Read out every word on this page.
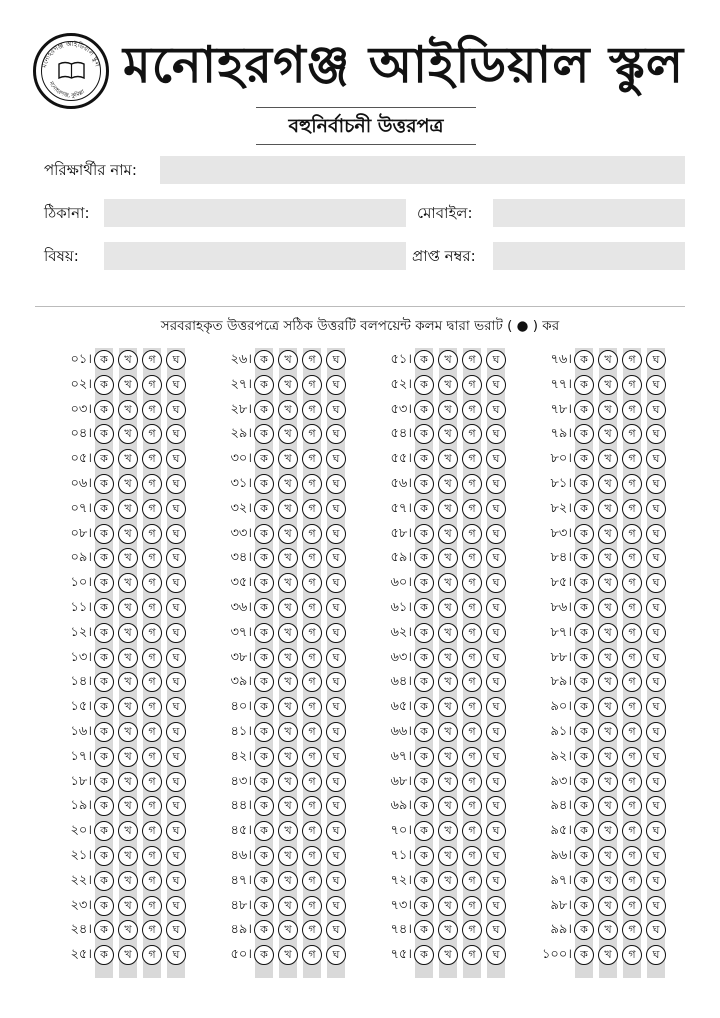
মনোহরগঞ্জ আইডিয়াল স্কুল
মনোহরগঞ্জ, কুমিল্লা মনোহরগঞ্জ আইডিয়াল স্কুল
বহুনির্বাচনী উত্তরপত্র
পরিক্ষার্থীর নাম:
ঠিকানা:	মোবাইল:
বিষয়:	প্রাপ্ত নম্বর:
সরবরাহকৃত উত্তরপত্রে সঠিক উত্তরটি বলপয়েন্ট কলম দ্বারা ভরাট ( ● ) কর
০১। ক	খ	গ	ঘ
০২। ক	খ	গ	ঘ
০৩। ক	খ	গ	ঘ
০৪। ক	খ	গ	ঘ
০৫। ক	খ	গ	ঘ
০৬। ক	খ	গ	ঘ
০৭। ক	খ	গ	ঘ
০৮। ক	খ	গ	ঘ
০৯। ক	খ	গ	ঘ
১০। ক	খ	গ	ঘ
১১। ক	খ	গ	ঘ
১২। ক	খ	গ	ঘ
১৩। ক	খ	গ	ঘ
১৪। ক	খ	গ	ঘ
১৫। ক	খ	গ	ঘ
১৬। ক	খ	গ	ঘ
১৭। ক	খ	গ	ঘ
১৮। ক	খ	গ	ঘ
১৯। ক	খ	গ	ঘ
২০। ক	খ	গ	ঘ
২১। ক	খ	গ	ঘ
২২। ক	খ	গ	ঘ
২৩। ক	খ	গ	ঘ
২৪। ক	খ	গ	ঘ
২৫। ক	খ	গ	ঘ
২৬। ক	খ	গ	ঘ
২৭। ক	খ	গ	ঘ
২৮। ক	খ	গ	ঘ
২৯। ক	খ	গ	ঘ
৩০। ক	খ	গ	ঘ
৩১। ক	খ	গ	ঘ
৩২। ক	খ	গ	ঘ
৩৩। ক	খ	গ	ঘ
৩৪। ক	খ	গ	ঘ
৩৫। ক	খ	গ	ঘ
৩৬। ক	খ	গ	ঘ
৩৭। ক	খ	গ	ঘ
৩৮। ক	খ	গ	ঘ
৩৯। ক	খ	গ	ঘ
৪০। ক	খ	গ	ঘ
৪১। ক	খ	গ	ঘ
৪২। ক	খ	গ	ঘ
৪৩। ক	খ	গ	ঘ
৪৪। ক	খ	গ	ঘ
৪৫। ক	খ	গ	ঘ
৪৬। ক	খ	গ	ঘ
৪৭। ক	খ	গ	ঘ
৪৮। ক	খ	গ	ঘ
৪৯। ক	খ	গ	ঘ
৫০। ক	খ	গ	ঘ
৫১। ক	খ	গ	ঘ
৫২। ক	খ	গ	ঘ
৫৩। ক	খ	গ	ঘ
৫৪। ক	খ	গ	ঘ
৫৫। ক	খ	গ	ঘ
৫৬। ক	খ	গ	ঘ
৫৭। ক	খ	গ	ঘ
৫৮। ক	খ	গ	ঘ
৫৯। ক	খ	গ	ঘ
৬০। ক	খ	গ	ঘ
৬১। ক	খ	গ	ঘ
৬২। ক	খ	গ	ঘ
৬৩। ক	খ	গ	ঘ
৬৪। ক	খ	গ	ঘ
৬৫। ক	খ	গ	ঘ
৬৬। ক	খ	গ	ঘ
৬৭। ক	খ	গ	ঘ
৬৮। ক	খ	গ	ঘ
৬৯। ক	খ	গ	ঘ
৭০। ক	খ	গ	ঘ
৭১। ক	খ	গ	ঘ
৭২। ক	খ	গ	ঘ
৭৩। ক	খ	গ	ঘ
৭৪। ক	খ	গ	ঘ
৭৫। ক	খ	গ	ঘ
৭৬। ক	খ	গ	ঘ
৭৭। ক	খ	গ	ঘ
৭৮। ক	খ	গ	ঘ
৭৯। ক	খ	গ	ঘ
৮০। ক	খ	গ	ঘ
৮১। ক	খ	গ	ঘ
৮২। ক	খ	গ	ঘ
৮৩। ক	খ	গ	ঘ
৮৪। ক	খ	গ	ঘ
৮৫। ক	খ	গ	ঘ
৮৬। ক	খ	গ	ঘ
৮৭। ক	খ	গ	ঘ
৮৮। ক	খ	গ	ঘ
৮৯। ক	খ	গ	ঘ
৯০। ক	খ	গ	ঘ
৯১। ক	খ	গ	ঘ
৯২। ক	খ	গ	ঘ
৯৩। ক	খ	গ	ঘ
৯৪। ক	খ	গ	ঘ
৯৫। ক	খ	গ	ঘ
৯৬। ক	খ	গ	ঘ
৯৭। ক	খ	গ	ঘ
৯৮। ক	খ	গ	ঘ
৯৯। ক	খ	গ	ঘ
১০০। ক	খ	গ	ঘ
